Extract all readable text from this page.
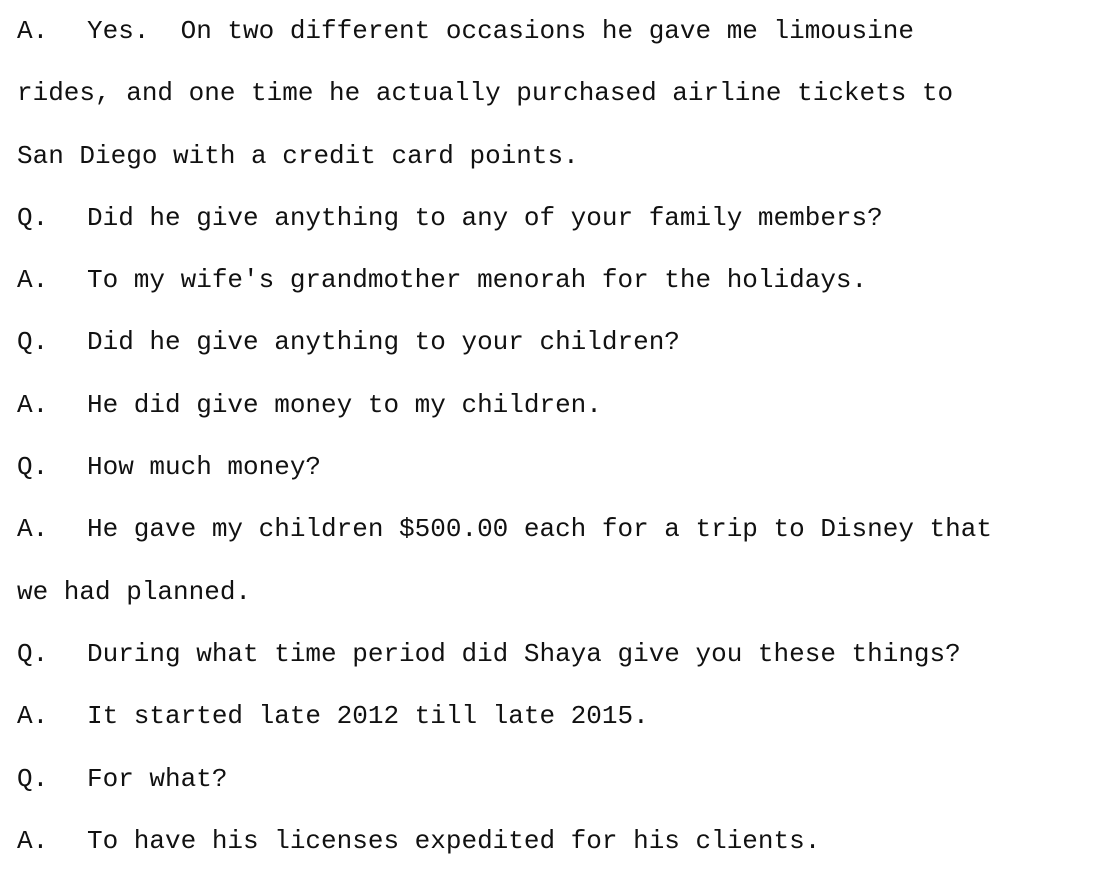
A. Yes.  On two different occasions he gave me limousine
rides, and one time he actually purchased airline tickets to
San Diego with a credit card points.
Q. Did he give anything to any of your family members?
A. To my wife's grandmother menorah for the holidays.
Q. Did he give anything to your children?
A. He did give money to my children.
Q. How much money?
A. He gave my children $500.00 each for a trip to Disney that
we had planned.
Q. During what time period did Shaya give you these things?
A. It started late 2012 till late 2015.
Q. For what?
A. To have his licenses expedited for his clients.
